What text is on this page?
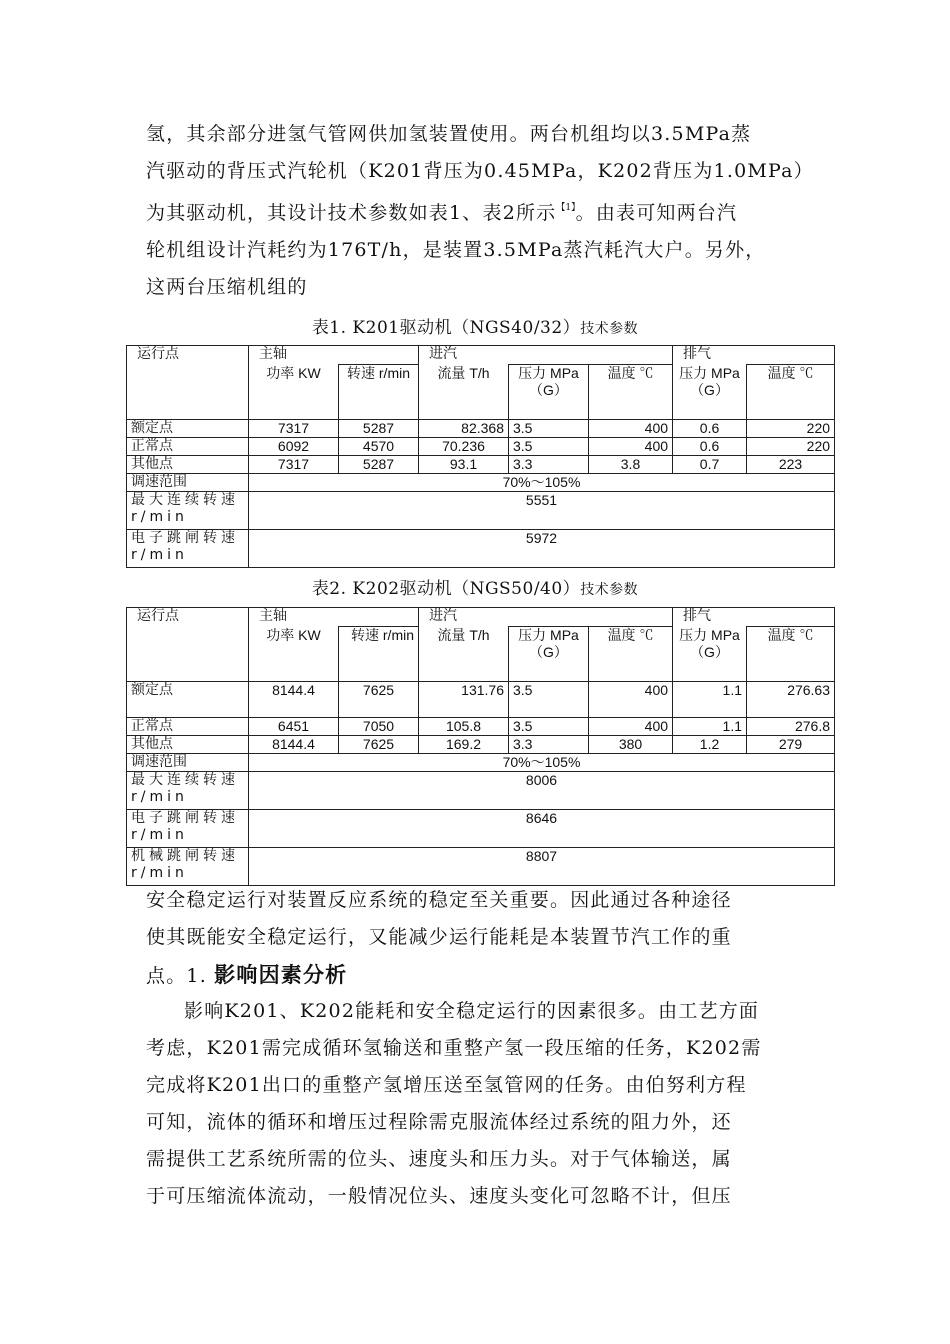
氢，其余部分进氢气管网供加氢装置使用。两台机组均以3.5MPa蒸
汽驱动的背压式汽轮机（K201背压为0.45MPa，K202背压为1.0MPa）
为其驱动机，其设计技术参数如表1、表2所示$^{【1】}$。由表可知两台汽
轮机组设计汽耗约为176T/h，是装置3.5MPa蒸汽耗汽大户。另外，
这两台压缩机组的
表1. K201驱动机（NGS40/32）技术参数
运行点	主轴		进汽			排气	
	功率 KW	转速 r/min	流量 T/h	压力 MPa（G）	温度 ℃	压力 MPa（G）	温度 ℃
额定点	7317	5287	82.368	3.5	400	0.6	220
正常点	6092	4570	70.236	3.5	400	0.6	220
其他点	7317	5287	93.1	3.3	3.8	0.7	223
调速范围	70%～105%						
最大连续转速 r/min	5551						
电子跳闸转速 r/min	5972						
表2. K202驱动机（NGS50/40）技术参数
运行点	主轴		进汽			排气	
	功率 KW	转速 r/min	流量 T/h	压力 MPa（G）	温度 ℃	压力 MPa（G）	温度 ℃
额定点	8144.4	7625	131.76	3.5	400	1.1	276.63
正常点	6451	7050	105.8	3.5	400	1.1	276.8
其他点	8144.4	7625	169.2	3.3	380	1.2	279
调速范围	70%～105%						
最大连续转速 r/min	8006						
电子跳闸转速 r/min	8646						
机械跳闸转速 r/min	8807						
安全稳定运行对装置反应系统的稳定至关重要。因此通过各种途径
使其既能安全稳定运行，又能减少运行能耗是本装置节汽工作的重
点。1. 影响因素分析
影响K201、K202能耗和安全稳定运行的因素很多。由工艺方面
考虑，K201需完成循环氢输送和重整产氢一段压缩的任务，K202需
完成将K201出口的重整产氢增压送至氢管网的任务。由伯努利方程
可知，流体的循环和增压过程除需克服流体经过系统的阻力外，还
需提供工艺系统所需的位头、速度头和压力头。对于气体输送，属
于可压缩流体流动，一般情况位头、速度头变化可忽略不计，但压
